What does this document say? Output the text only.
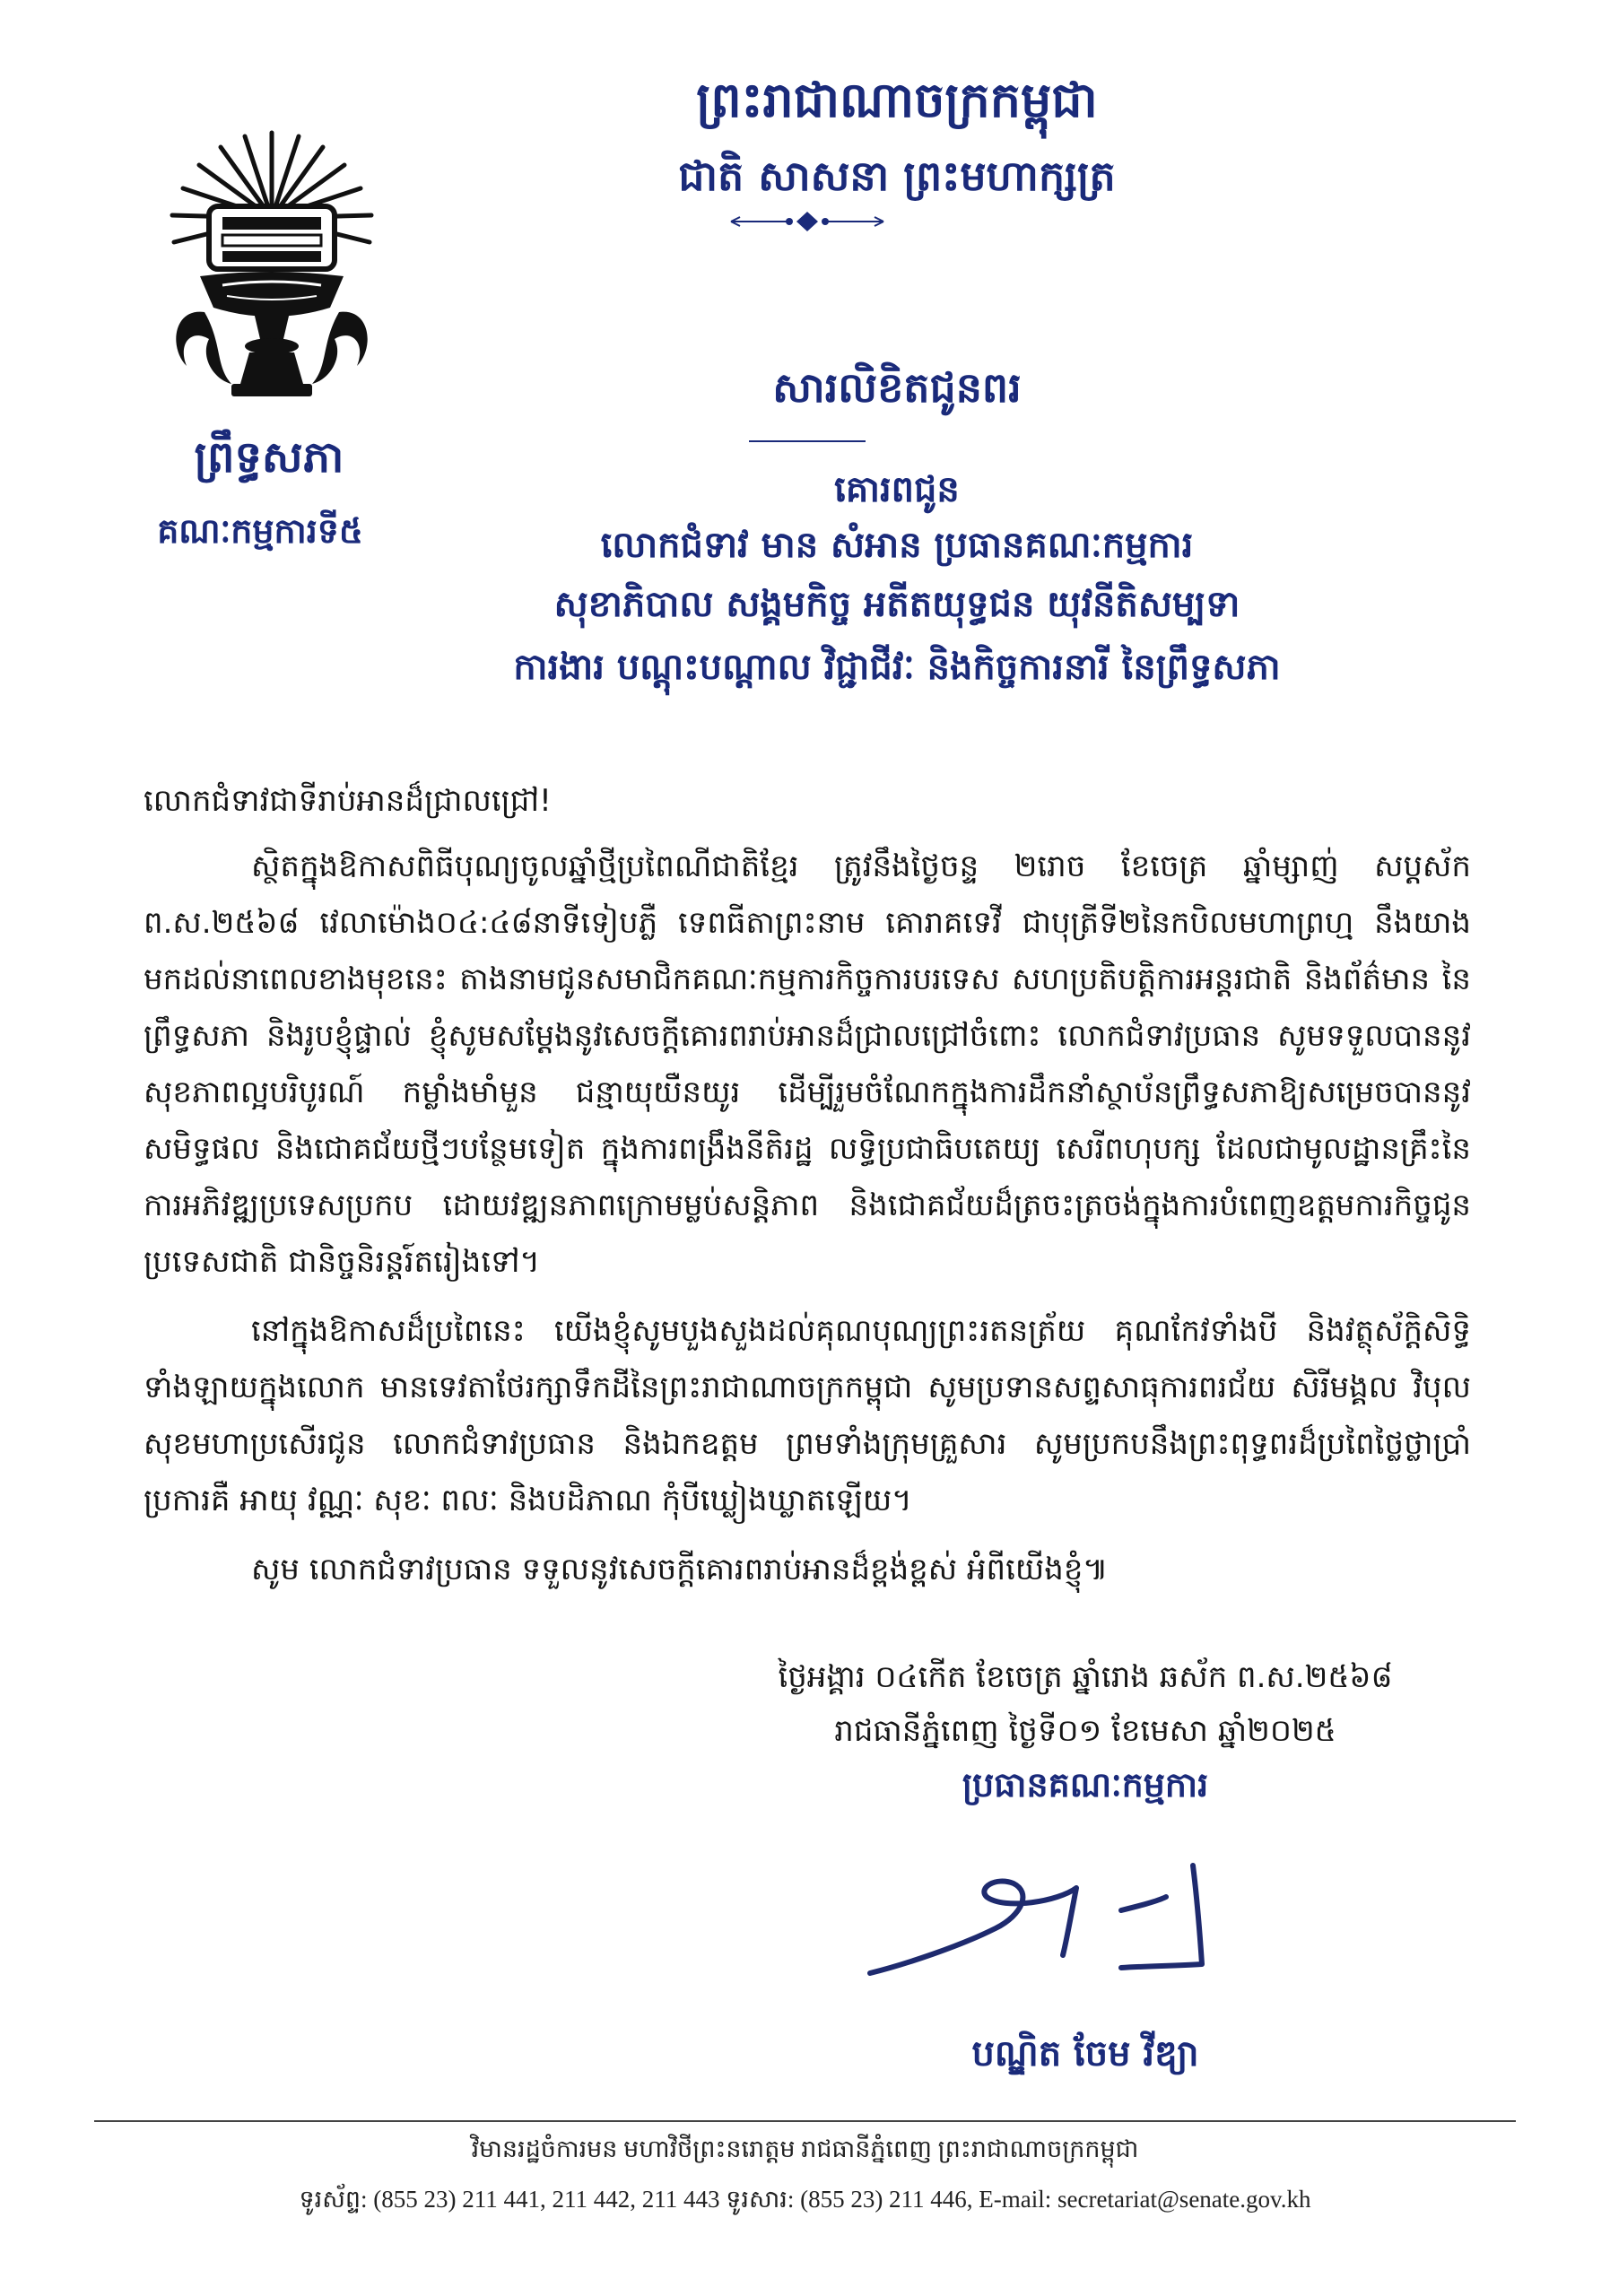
ព្រឹទ្ធសភា
គណៈកម្មការទី៥
ព្រះរាជាណាចក្រកម្ពុជា
ជាតិ សាសនា ព្រះមហាក្សត្រ
សារលិខិតជូនពរ
គោរពជូន
លោកជំទាវ មាន សំអាន ប្រធានគណៈកម្មការ
សុខាភិបាល សង្គមកិច្ច អតីតយុទ្ធជន យុវនីតិសម្បទា
ការងារ បណ្តុះបណ្តាល វិជ្ជាជីវៈ និងកិច្ចការនារី នៃព្រឹទ្ធសភា

លោកជំទាវជាទីរាប់អានដ៏ជ្រាលជ្រៅ!

ស្ថិតក្នុងឱកាសពិធីបុណ្យចូលឆ្នាំថ្មីប្រពៃណីជាតិខ្មែរ ត្រូវនឹងថ្ងៃចន្ទ ២រោច ខែចេត្រ ឆ្នាំម្សាញ់ សប្តស័ក ព.ស.២៥៦៨ វេលាម៉ោង០៤:៤៨នាទីទៀបភ្លឺ ទេពធីតាព្រះនាម គោរាគទេវី ជាបុត្រីទី២នៃកបិលមហាព្រហ្ម នឹងយាងមកដល់នាពេលខាងមុខនេះ តាងនាមជូនសមាជិកគណៈកម្មការកិច្ចការបរទេស សហប្រតិបត្តិការអន្តរជាតិ និងព័ត៌មាន នៃព្រឹទ្ធសភា និងរូបខ្ញុំផ្ទាល់ ខ្ញុំសូមសម្តែងនូវសេចក្តីគោរពរាប់អានដ៏ជ្រាលជ្រៅចំពោះ លោកជំទាវប្រធាន សូមទទួលបាននូវសុខភាពល្អបរិបូរណ៍ កម្លាំងមាំមួន ជន្មាយុយឺនយូរ ដើម្បីរួមចំណែកក្នុងការដឹកនាំស្ថាប័នព្រឹទ្ធសភាឱ្យសម្រេចបាននូវសមិទ្ធផល និងជោគជ័យថ្មីៗបន្ថែមទៀត ក្នុងការពង្រឹងនីតិរដ្ឋ លទ្ធិប្រជាធិបតេយ្យ សេរីពហុបក្ស ដែលជាមូលដ្ឋានគ្រឹះនៃការអភិវឌ្ឍប្រទេសប្រកប ដោយវឌ្ឍនភាពក្រោមម្លប់សន្តិភាព និងជោគជ័យដ៏ត្រចះត្រចង់ក្នុងការបំពេញឧត្តមការកិច្ចជូនប្រទេសជាតិ ជានិច្ចនិរន្តរ៍តរៀងទៅ។

នៅក្នុងឱកាសដ៏ប្រពៃនេះ យើងខ្ញុំសូមបួងសួងដល់គុណបុណ្យព្រះរតនត្រ័យ គុណកែវទាំងបី និងវត្ថុស័ក្តិសិទ្ធិទាំងឡាយក្នុងលោក មានទេវតាថែរក្សាទឹកដីនៃព្រះរាជាណាចក្រកម្ពុជា សូមប្រទានសព្ទសាធុការពរជ័យ សិរីមង្គល វិបុលសុខមហាប្រសើរជូន លោកជំទាវប្រធាន និងឯកឧត្តម ព្រមទាំងក្រុមគ្រួសារ សូមប្រកបនឹងព្រះពុទ្ធពរដ៏ប្រពៃថ្លៃថ្លាប្រាំប្រការគឺ អាយុ វណ្ណៈ សុខៈ ពលៈ និងបដិភាណ កុំបីឃ្លៀងឃ្លាតឡើយ។

សូម លោកជំទាវប្រធាន ទទួលនូវសេចក្តីគោរពរាប់អានដ៏ខ្ពង់ខ្ពស់ អំពីយើងខ្ញុំ៕

ថ្ងៃអង្គារ ០៤កើត ខែចេត្រ ឆ្នាំរោង ឆស័ក ព.ស.២៥៦៨
រាជធានីភ្នំពេញ ថ្ងៃទី០១ ខែមេសា ឆ្នាំ២០២៥
ប្រធានគណៈកម្មការ
បណ្ឌិត ចែម វីឌ្យា
វិមានរដ្ឋចំការមន មហាវិថីព្រះនរោត្តម រាជធានីភ្នំពេញ ព្រះរាជាណាចក្រកម្ពុជា
ទូរស័ព្ទ: (855 23) 211 441, 211 442, 211 443 ទូរសារ: (855 23) 211 446, E-mail: secretariat@senate.gov.kh
